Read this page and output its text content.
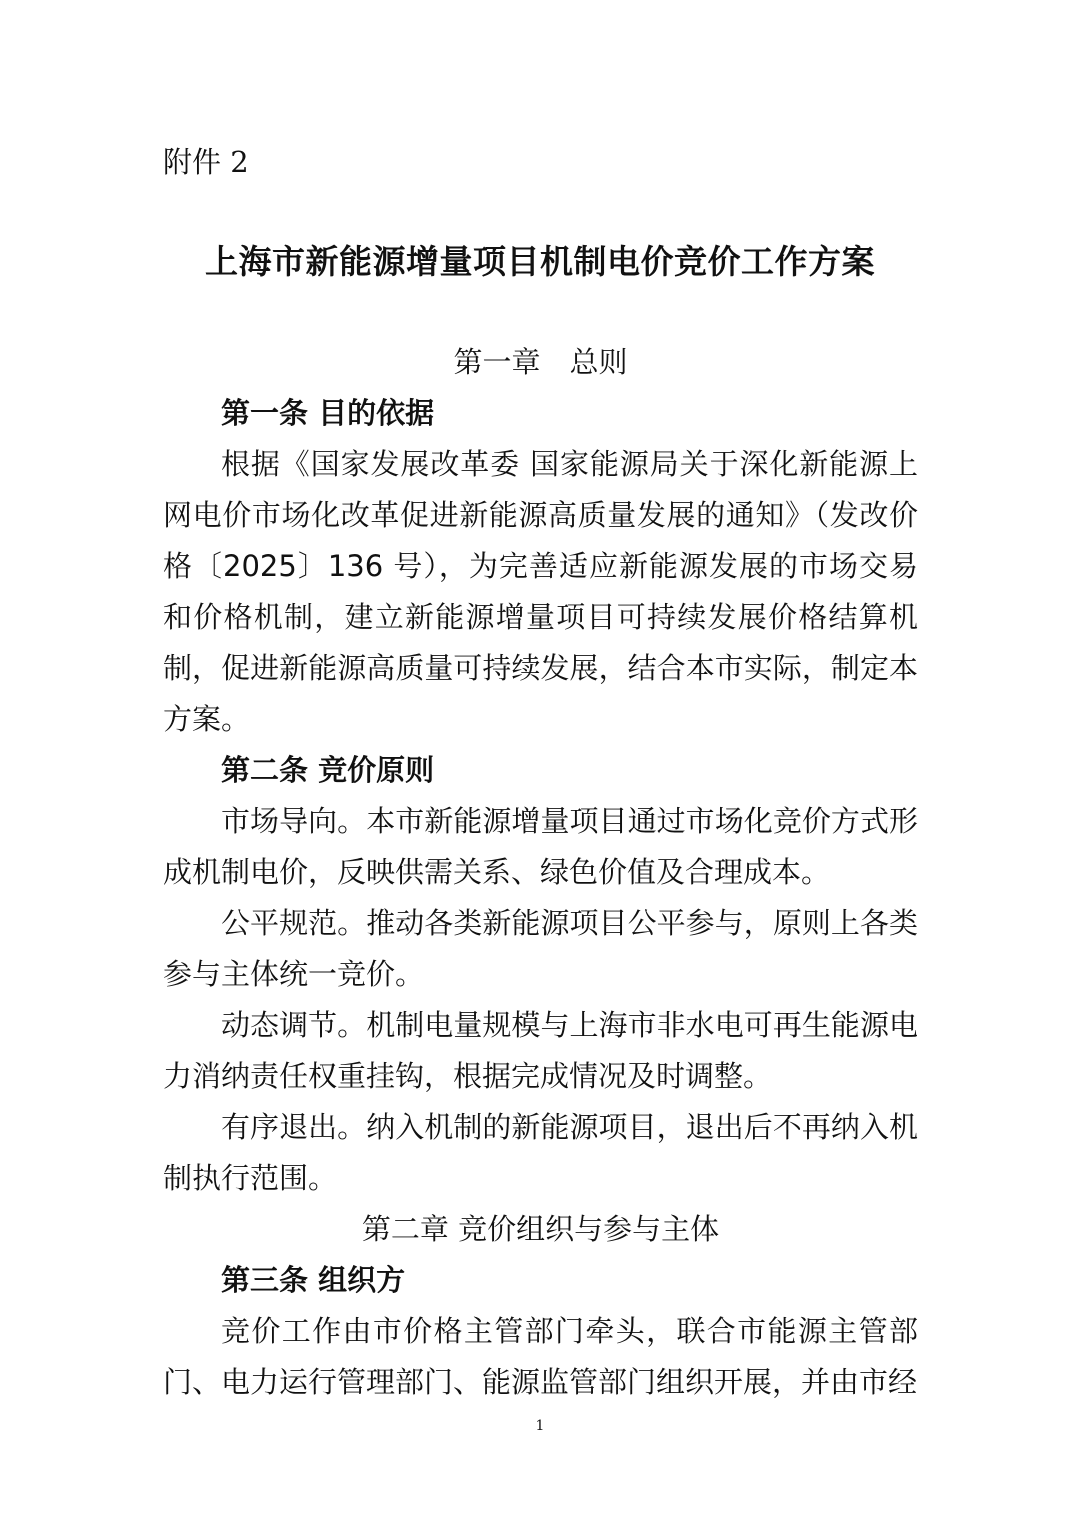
附件 2
上海市新能源增量项目机制电价竞价工作方案
第一章　总则
第一条 目的依据
根据《国家发展改革委 国家能源局关于深化新能源上网电价市场化改革促进新能源高质量发展的通知》（发改价格〔2025〕136 号），为完善适应新能源发展的市场交易和价格机制，建立新能源增量项目可持续发展价格结算机制，促进新能源高质量可持续发展，结合本市实际，制定本方案。
第二条 竞价原则
市场导向。本市新能源增量项目通过市场化竞价方式形成机制电价，反映供需关系、绿色价值及合理成本。
公平规范。推动各类新能源项目公平参与，原则上各类参与主体统一竞价。
动态调节。机制电量规模与上海市非水电可再生能源电力消纳责任权重挂钩，根据完成情况及时调整。
有序退出。纳入机制的新能源项目，退出后不再纳入机制执行范围。
第二章 竞价组织与参与主体
第三条 组织方
竞价工作由市价格主管部门牵头，联合市能源主管部门、电力运行管理部门、能源监管部门组织开展，并由市经
1
